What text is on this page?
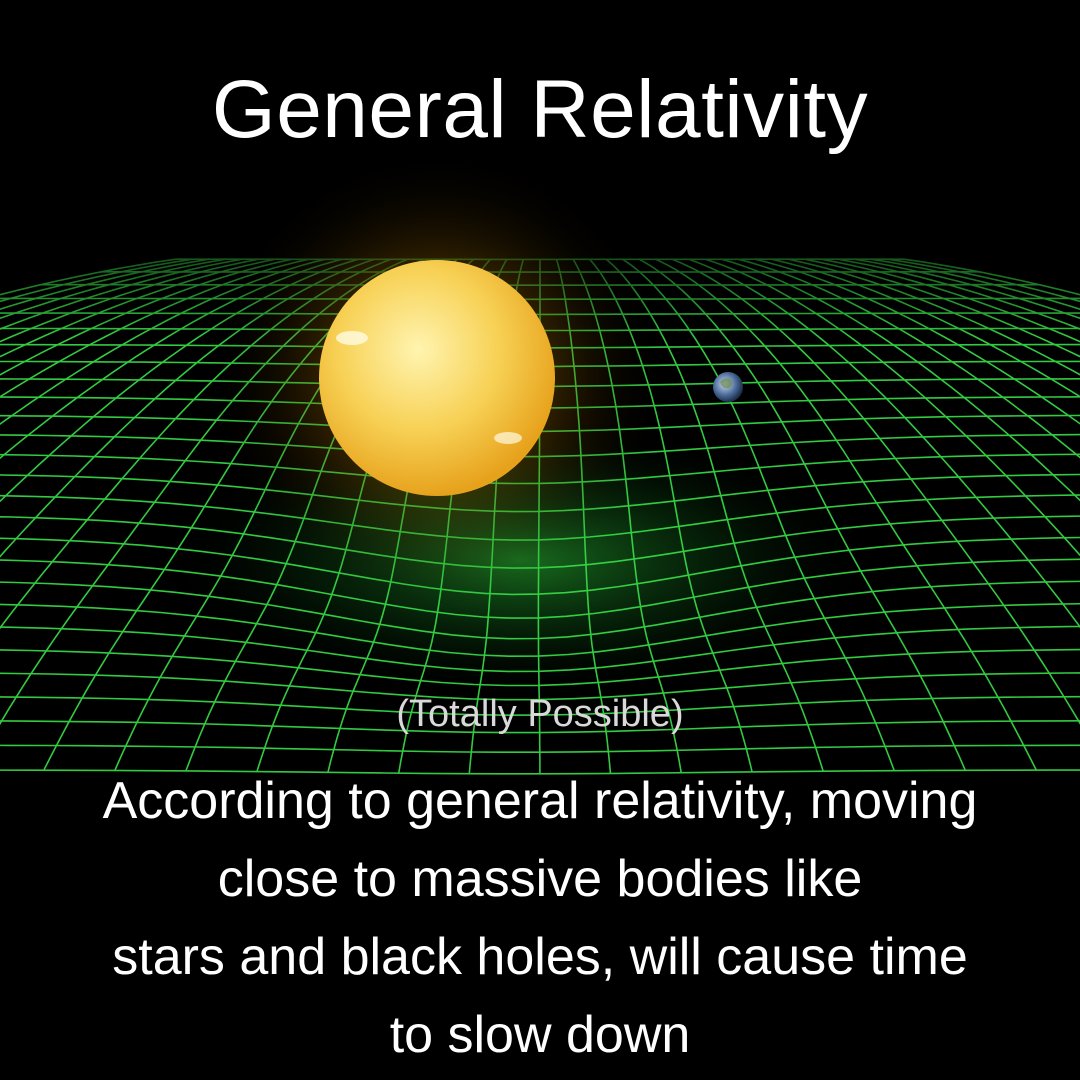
General Relativity
(Totally Possible)
According to general relativity, moving
close to massive bodies like
stars and black holes, will cause time
to slow down
